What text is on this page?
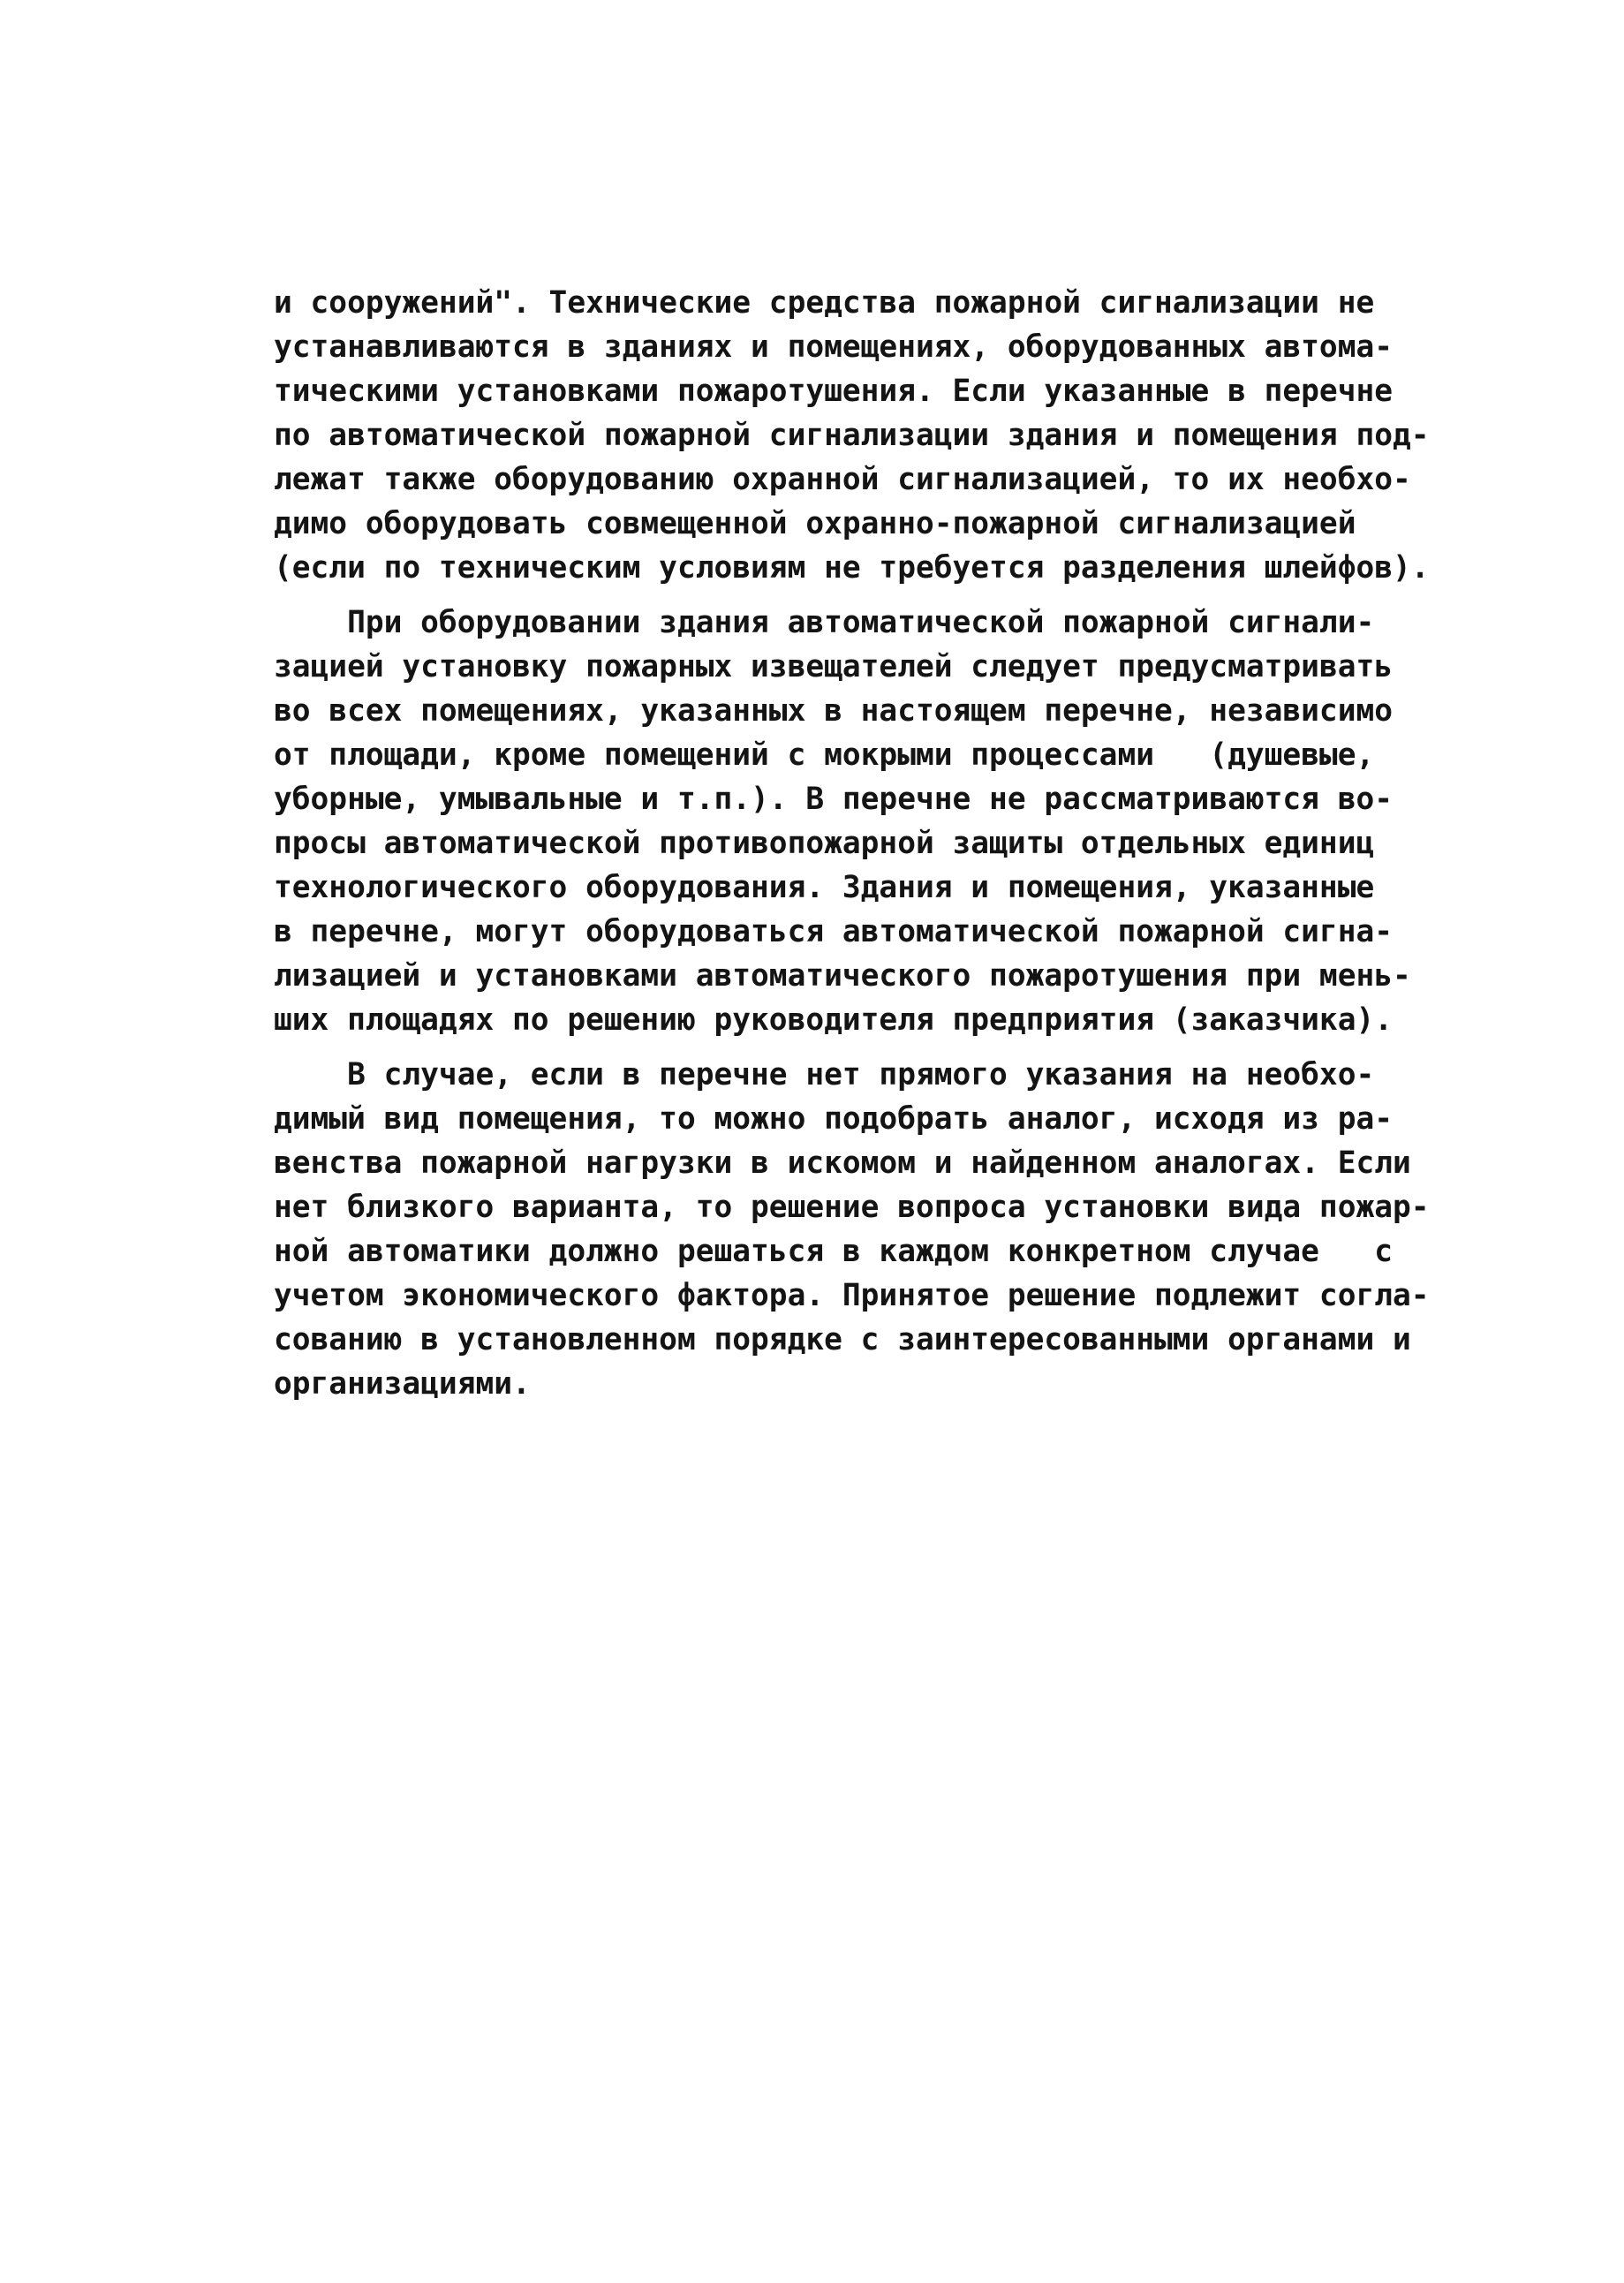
и сооружений". Технические средства пожарной сигнализации не
устанавливаются в зданиях и помещениях, оборудованных автома-
тическими установками пожаротушения. Если указанные в перечне
по автоматической пожарной сигнализации здания и помещения под-
лежат также оборудованию охранной сигнализацией, то их необхо-
димо оборудовать совмещенной охранно-пожарной сигнализацией
(если по техническим условиям не требуется разделения шлейфов).
При оборудовании здания автоматической пожарной сигнали-
зацией установку пожарных извещателей следует предусматривать
во всех помещениях, указанных в настоящем перечне, независимо
от площади, кроме помещений с мокрыми процессами   (душевые,
уборные, умывальные и т.п.). В перечне не рассматриваются во-
просы автоматической противопожарной защиты отдельных единиц
технологического оборудования. Здания и помещения, указанные
в перечне, могут оборудоваться автоматической пожарной сигна-
лизацией и установками автоматического пожаротушения при мень-
ших площадях по решению руководителя предприятия (заказчика).
В случае, если в перечне нет прямого указания на необхо-
димый вид помещения, то можно подобрать аналог, исходя из ра-
венства пожарной нагрузки в искомом и найденном аналогах. Если
нет близкого варианта, то решение вопроса установки вида пожар-
ной автоматики должно решаться в каждом конкретном случае   с
учетом экономического фактора. Принятое решение подлежит согла-
сованию в установленном порядке с заинтересованными органами и
организациями.
